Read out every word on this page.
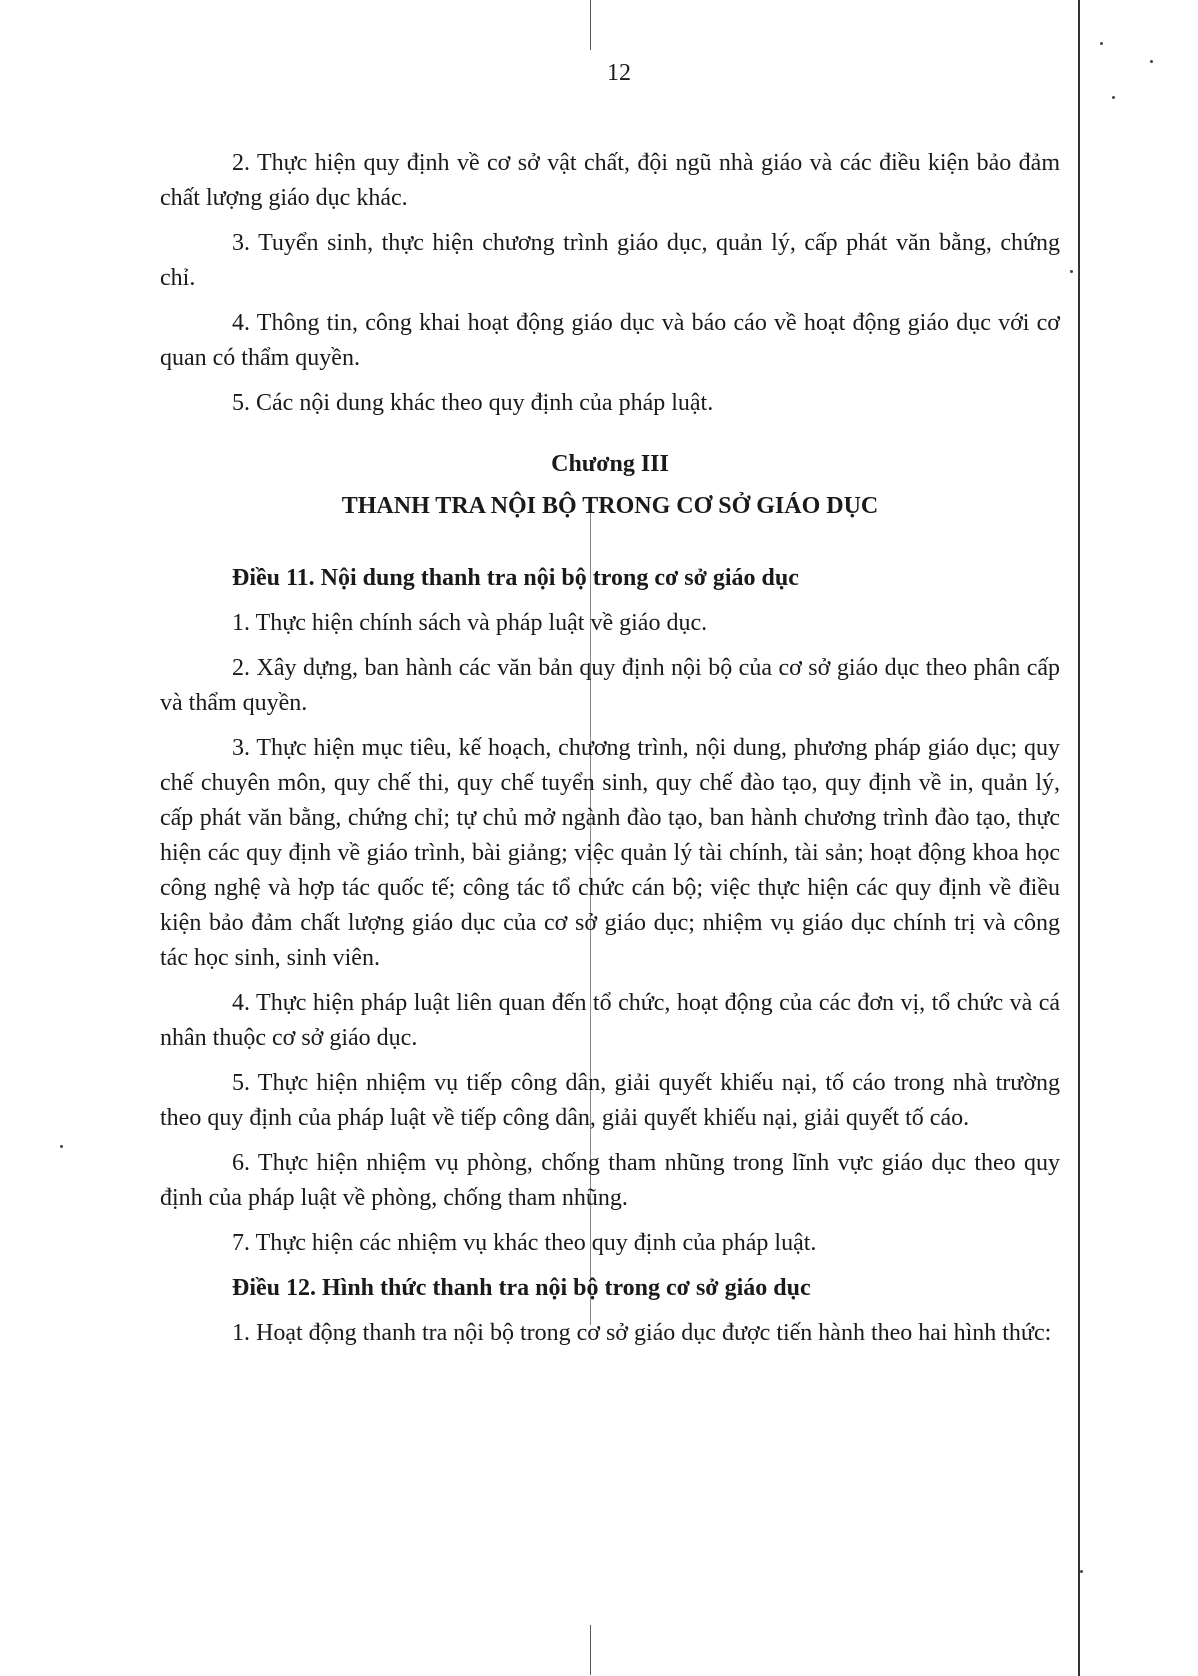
12

2. Thực hiện quy định về cơ sở vật chất, đội ngũ nhà giáo và các điều kiện bảo đảm chất lượng giáo dục khác.

3. Tuyển sinh, thực hiện chương trình giáo dục, quản lý, cấp phát văn bằng, chứng chỉ.

4. Thông tin, công khai hoạt động giáo dục và báo cáo về hoạt động giáo dục với cơ quan có thẩm quyền.

5. Các nội dung khác theo quy định của pháp luật.

Chương III

THANH TRA NỘI BỘ TRONG CƠ SỞ GIÁO DỤC

Điều 11. Nội dung thanh tra nội bộ trong cơ sở giáo dục

1. Thực hiện chính sách và pháp luật về giáo dục.

2. Xây dựng, ban hành các văn bản quy định nội bộ của cơ sở giáo dục theo phân cấp và thẩm quyền.

3. Thực hiện mục tiêu, kế hoạch, chương trình, nội dung, phương pháp giáo dục; quy chế chuyên môn, quy chế thi, quy chế tuyển sinh, quy chế đào tạo, quy định về in, quản lý, cấp phát văn bằng, chứng chỉ; tự chủ mở ngành đào tạo, ban hành chương trình đào tạo, thực hiện các quy định về giáo trình, bài giảng; việc quản lý tài chính, tài sản; hoạt động khoa học công nghệ và hợp tác quốc tế; công tác tổ chức cán bộ; việc thực hiện các quy định về điều kiện bảo đảm chất lượng giáo dục của cơ sở giáo dục; nhiệm vụ giáo dục chính trị và công tác học sinh, sinh viên.

4. Thực hiện pháp luật liên quan đến tổ chức, hoạt động của các đơn vị, tổ chức và cá nhân thuộc cơ sở giáo dục.

5. Thực hiện nhiệm vụ tiếp công dân, giải quyết khiếu nại, tố cáo trong nhà trường theo quy định của pháp luật về tiếp công dân, giải quyết khiếu nại, giải quyết tố cáo.

6. Thực hiện nhiệm vụ phòng, chống tham nhũng trong lĩnh vực giáo dục theo quy định của pháp luật về phòng, chống tham nhũng.

7. Thực hiện các nhiệm vụ khác theo quy định của pháp luật.

Điều 12. Hình thức thanh tra nội bộ trong cơ sở giáo dục

1. Hoạt động thanh tra nội bộ trong cơ sở giáo dục được tiến hành theo hai hình thức:
